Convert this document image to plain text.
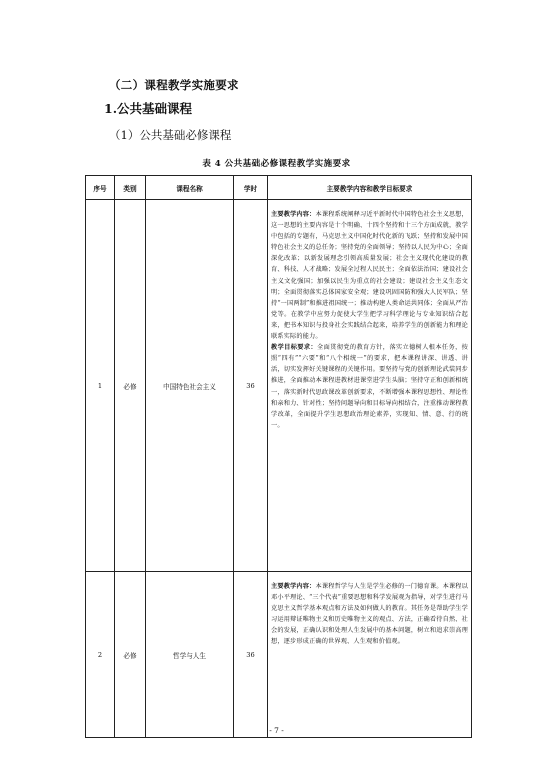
（二）课程教学实施要求
1.公共基础课程
（1）公共基础必修课程
表 4 公共基础必修课程教学实施要求
序号	类别	课程名称	学时	主要教学内容和教学目标要求
1	必修	中国特色社会主义	36	主要教学内容：本课程系统阐释习近平新时代中国特色社会主义思想，这一思想的主要内容是十个明确、十四个坚持和十三个方面成就，教学中包括的专题有，马克思主义中国化时代化新的飞跃；坚持和发展中国特色社会主义的总任务；坚持党的全面领导；坚持以人民为中心；全面深化改革；以新发展理念引领高质量发展；社会主义现代化建设的教育、科技、人才战略；发展全过程人民民主；全面依法治国；建设社会主义文化强国；加强以民生为重点的社会建设；建设社会主义生态文明；全面贯彻落实总体国家安全观；建设巩固国防和强大人民军队；坚持“一国两制”和推进祖国统一；推动构建人类命运共同体；全面从严治党等。在教学中应努力促使大学生把学习科学理论与专业知识结合起来，把书本知识与投身社会实践结合起来，培养学生的创新能力和理论联系实际的能力。
教学目标要求：全面贯彻党的教育方针，落实立德树人根本任务，按照“四有”“六要”和“八个相统一”的要求，把本课程讲深、讲透、讲活，切实发挥好关键课程的关键作用。要坚持与党的创新理论武装同步推进，全面推动本课程进教材进课堂进学生头脑；坚持守正和创新相统一，落实新时代思政课改革创新要求，不断增强本课程思想性、理论性和亲和力、针对性；坚持问题导向和目标导向相结合，注重推动课程教学改革，全面提升学生思想政治理论素养，实现知、情、意、行的统一。
2	必修	哲学与人生	36	主要教学内容：本课程哲学与人生是学生必修的一门德育课。本课程以邓小平理论、“三个代表”重要思想和科学发展观为指导，对学生进行马克思主义哲学基本观点和方法及如何做人的教育。其任务是帮助学生学习运用辩证唯物主义和历史唯物主义的观点、方法，正确看待自然、社会的发展，正确认识和处理人生发展中的基本问题，树立和追求崇高理想，逐步形成正确的世界观、人生观和价值观。
- 7 -
